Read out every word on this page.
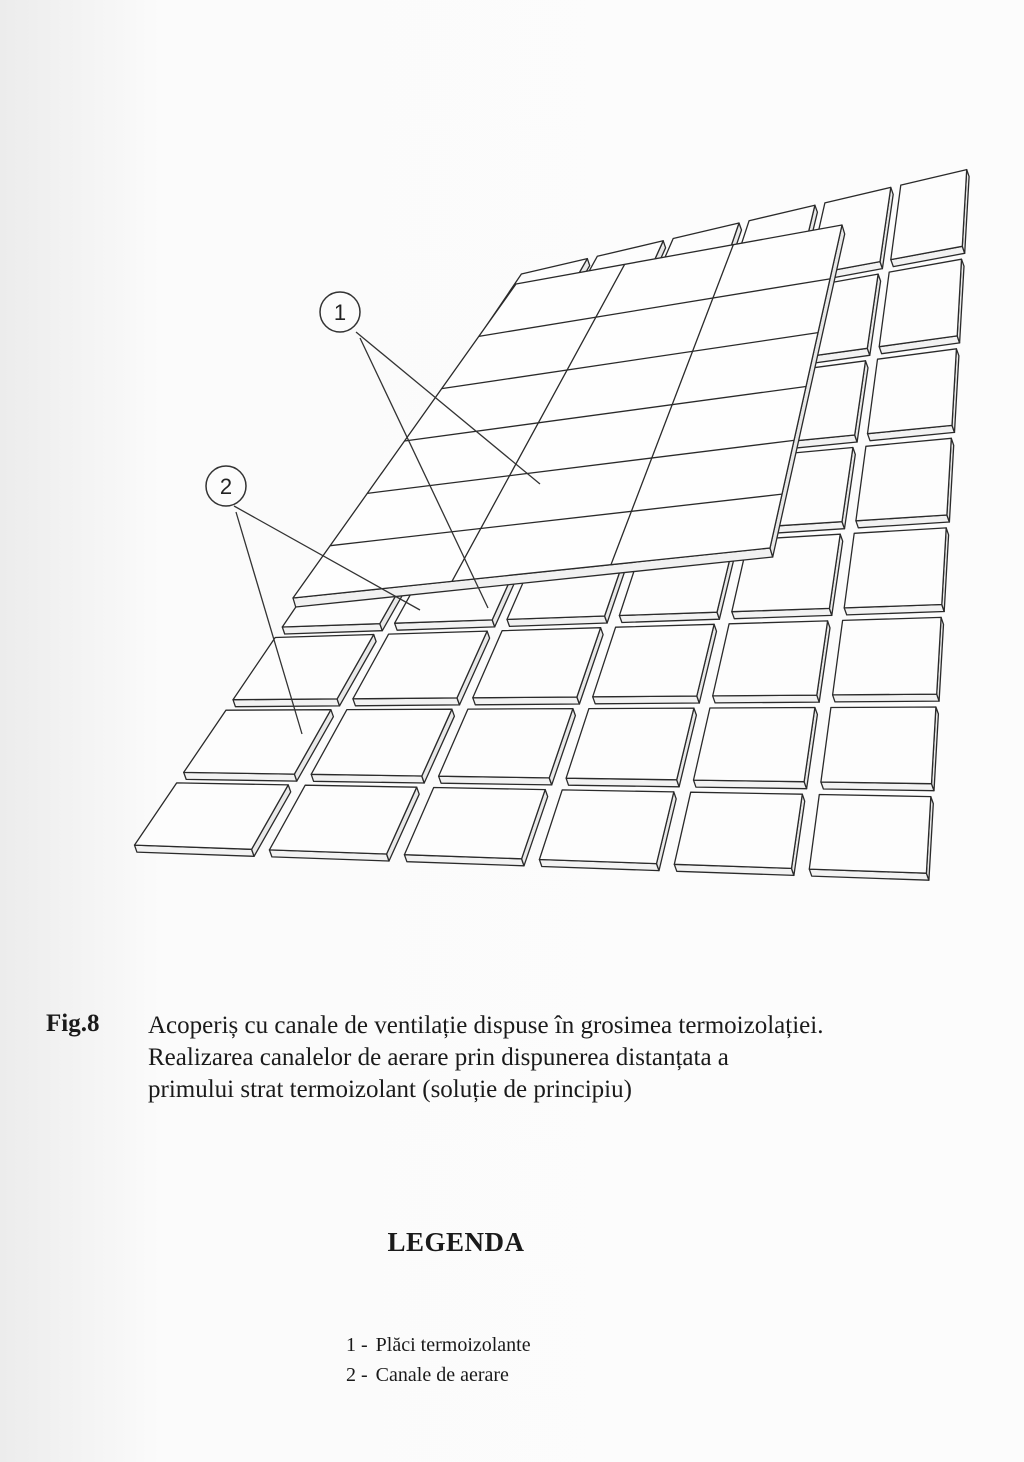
1
2
Fig.8 Acoperiș cu canale de ventilație dispuse în grosimea termoizolației.
Realizarea canalelor de aerare prin dispunerea distanțata a
primului strat termoizolant (soluție de principiu)
LEGENDA
1 - Plăci termoizolante
2 - Canale de aerare
